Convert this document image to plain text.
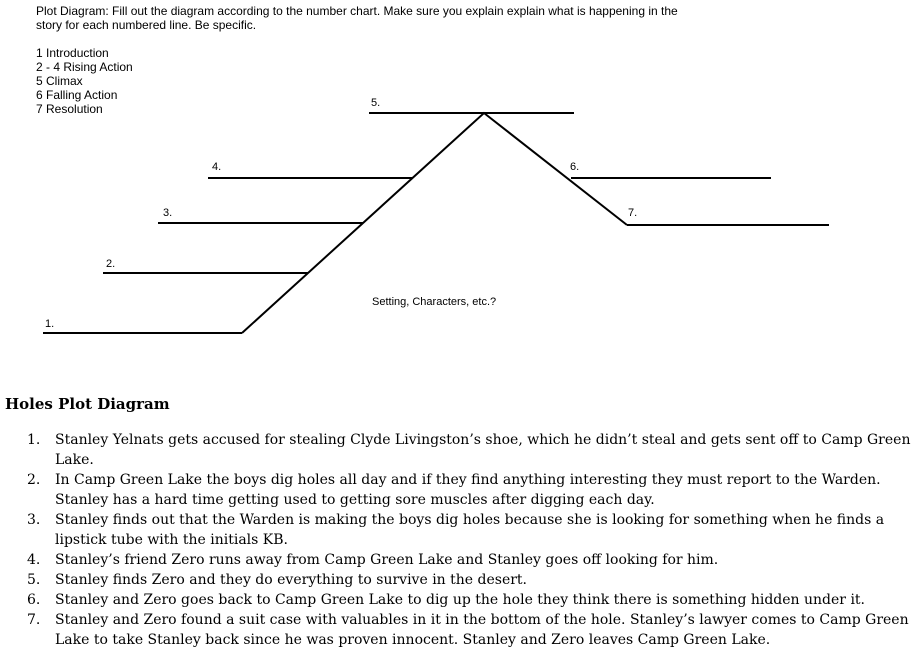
Plot Diagram: Fill out the diagram according to the number chart. Make sure you explain explain what is happening in the story for each numbered line. Be specific.

1 Introduction
2 - 4 Rising Action
5 Climax
6 Falling Action
7 Resolution
1.
2.
3.
4.
5.
6.
7.
Setting, Characters, etc.?
Holes Plot Diagram
1. Stanley Yelnats gets accused for stealing Clyde Livingston’s shoe, which he didn’t steal and gets sent off to Camp Green Lake.
2. In Camp Green Lake the boys dig holes all day and if they find anything interesting they must report to the Warden. Stanley has a hard time getting used to getting sore muscles after digging each day.
3. Stanley finds out that the Warden is making the boys dig holes because she is looking for something when he finds a lipstick tube with the initials KB.
4. Stanley’s friend Zero runs away from Camp Green Lake and Stanley goes off looking for him.
5. Stanley finds Zero and they do everything to survive in the desert.
6. Stanley and Zero goes back to Camp Green Lake to dig up the hole they think there is something hidden under it.
7. Stanley and Zero found a suit case with valuables in it in the bottom of the hole. Stanley’s lawyer comes to Camp Green Lake to take Stanley back since he was proven innocent. Stanley and Zero leaves Camp Green Lake.
